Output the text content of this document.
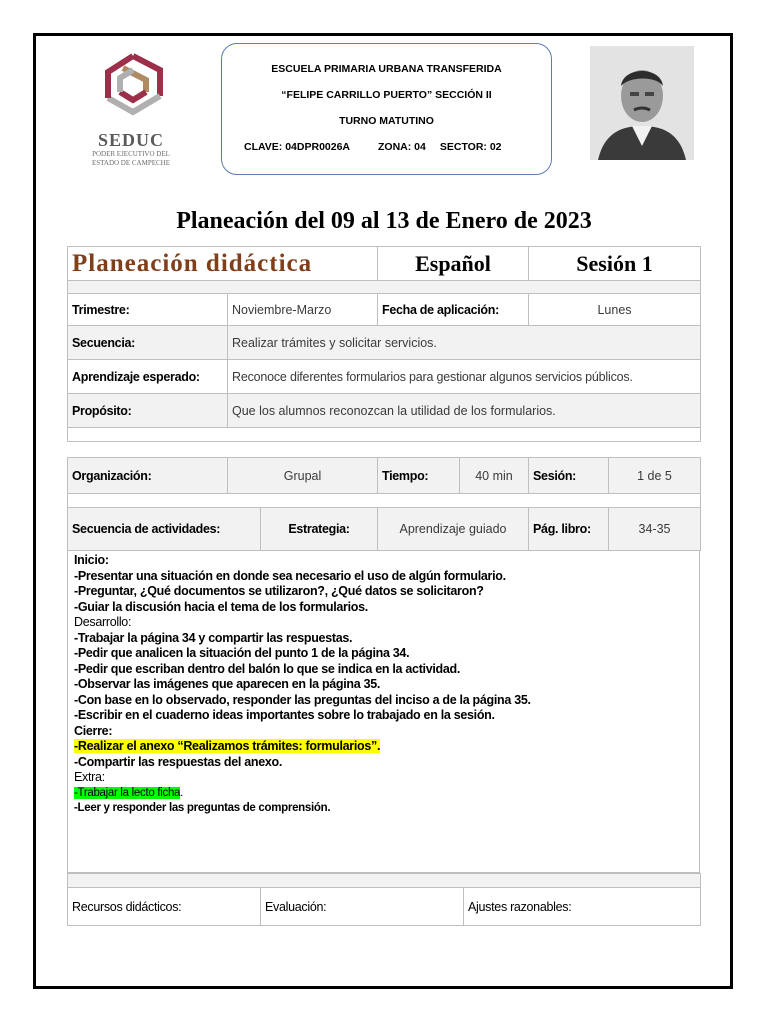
SEDUC
PODER EJECUTIVO DEL
ESTADO DE CAMPECHE
ESCUELA PRIMARIA URBANA TRANSFERIDA
“FELIPE CARRILLO PUERTO” SECCIÓN II
TURNO MATUTINO
CLAVE: 04DPR0026A	ZONA: 04 SECTOR: 02
Planeación del 09 al 13 de Enero de 2023
Planeación didáctica	Español	Sesión 1

Trimestre:	Noviembre-Marzo	Fecha de aplicación:	Lunes
Secuencia:	Realizar trámites y solicitar servicios.		
Aprendizaje esperado:	Reconoce diferentes formularios para gestionar algunos servicios públicos.		
Propósito:	Que los alumnos reconozcan la utilidad de los formularios.		

Organización:	Grupal	Tiempo:	40 min	Sesión:	1 de 5

Secuencia de actividades:	Estrategia:	Aprendizaje guiado	Pág. libro:	34-35
Inicio:
-Presentar una situación en donde sea necesario el uso de algún formulario.
-Preguntar, ¿Qué documentos se utilizaron?, ¿Qué datos se solicitaron?
-Guiar la discusión hacia el tema de los formularios.
Desarrollo:
-Trabajar la página 34 y compartir las respuestas.
-Pedir que analicen la situación del punto 1 de la página 34.
-Pedir que escriban dentro del balón lo que se indica en la actividad.
-Observar las imágenes que aparecen en la página 35.
-Con base en lo observado, responder las preguntas del inciso a de la página 35.
-Escribir en el cuaderno ideas importantes sobre lo trabajado en la sesión.
Cierre:
-Realizar el anexo “Realizamos trámites: formularios”.
-Compartir las respuestas del anexo.
Extra:
-Trabajar la lecto ficha.
-Leer y responder las preguntas de comprensión.

Recursos didácticos:	Evaluación:	Ajustes razonables:
